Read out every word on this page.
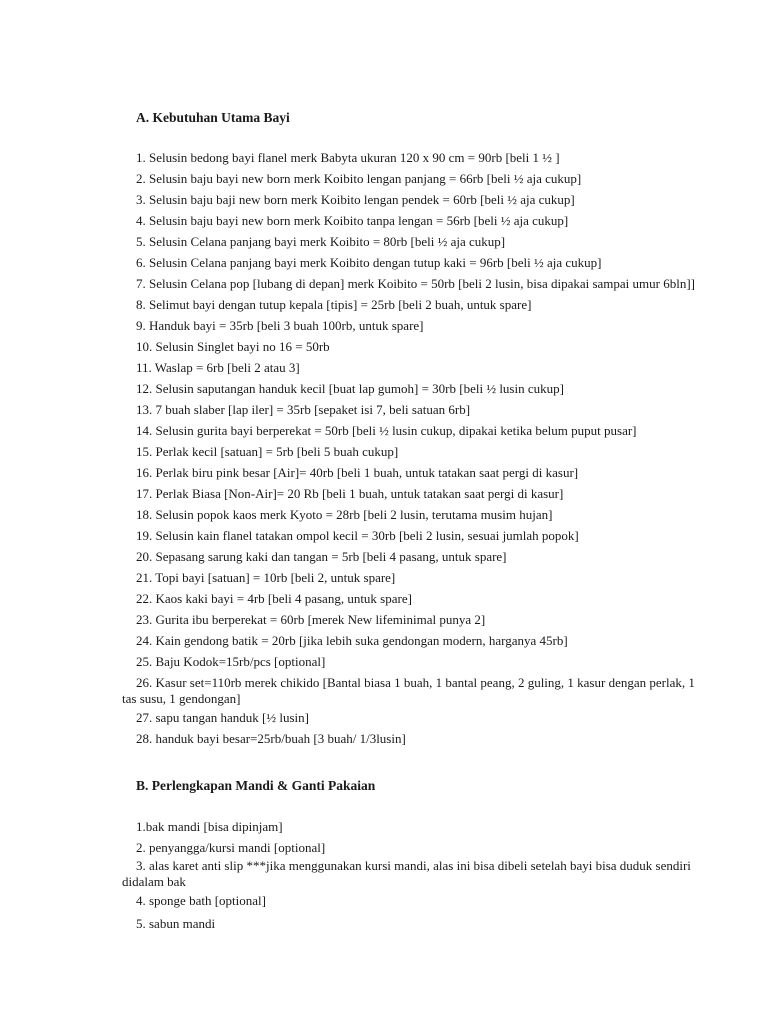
A. Kebutuhan Utama Bayi
1. Selusin bedong bayi flanel merk Babyta ukuran 120 x 90 cm = 90rb [beli 1 ½ ]
2. Selusin baju bayi new born merk Koibito lengan panjang = 66rb [beli ½ aja cukup]
3. Selusin baju baji new born merk Koibito lengan pendek = 60rb [beli ½ aja cukup]
4. Selusin baju bayi new born merk Koibito tanpa lengan = 56rb [beli ½ aja cukup]
5. Selusin Celana panjang bayi merk Koibito = 80rb [beli ½ aja cukup]
6. Selusin Celana panjang bayi merk Koibito dengan tutup kaki = 96rb [beli ½ aja cukup]
7. Selusin Celana pop [lubang di depan] merk Koibito = 50rb [beli 2 lusin, bisa dipakai sampai umur 6bln]]
8. Selimut bayi dengan tutup kepala [tipis] = 25rb [beli 2 buah, untuk spare]
9. Handuk bayi = 35rb [beli 3 buah 100rb, untuk spare]
10. Selusin Singlet bayi no 16 = 50rb
11. Waslap = 6rb [beli 2 atau 3]
12. Selusin saputangan handuk kecil [buat lap gumoh] = 30rb [beli ½ lusin cukup]
13. 7 buah slaber [lap iler] = 35rb [sepaket isi 7, beli satuan 6rb]
14. Selusin gurita bayi berperekat = 50rb [beli ½ lusin cukup, dipakai ketika belum puput pusar]
15. Perlak kecil [satuan] = 5rb [beli 5 buah cukup]
16. Perlak biru pink besar [Air]= 40rb [beli 1 buah, untuk tatakan saat pergi di kasur]
17. Perlak Biasa [Non-Air]= 20 Rb [beli 1 buah, untuk tatakan saat pergi di kasur]
18. Selusin popok kaos merk Kyoto = 28rb [beli 2 lusin, terutama musim hujan]
19. Selusin kain flanel tatakan ompol kecil = 30rb [beli 2 lusin, sesuai jumlah popok]
20. Sepasang sarung kaki dan tangan = 5rb [beli 4 pasang, untuk spare]
21. Topi bayi [satuan] = 10rb [beli 2, untuk spare]
22. Kaos kaki bayi = 4rb [beli 4 pasang, untuk spare]
23. Gurita ibu berperekat = 60rb [merek New lifeminimal punya 2]
24. Kain gendong batik = 20rb [jika lebih suka gendongan modern, harganya 45rb]
25. Baju Kodok=15rb/pcs [optional]
26. Kasur set=110rb merek chikido [Bantal biasa 1 buah, 1 bantal peang, 2 guling, 1 kasur dengan perlak, 1 tas susu, 1 gendongan]
27. sapu tangan handuk [½ lusin]
28. handuk bayi besar=25rb/buah [3 buah/ 1/3lusin]
B. Perlengkapan Mandi & Ganti Pakaian
1.bak mandi [bisa dipinjam]
2. penyangga/kursi mandi [optional]
3. alas karet anti slip ***jika menggunakan kursi mandi, alas ini bisa dibeli setelah bayi bisa duduk sendiri didalam bak
4. sponge bath [optional]
5. sabun mandi
